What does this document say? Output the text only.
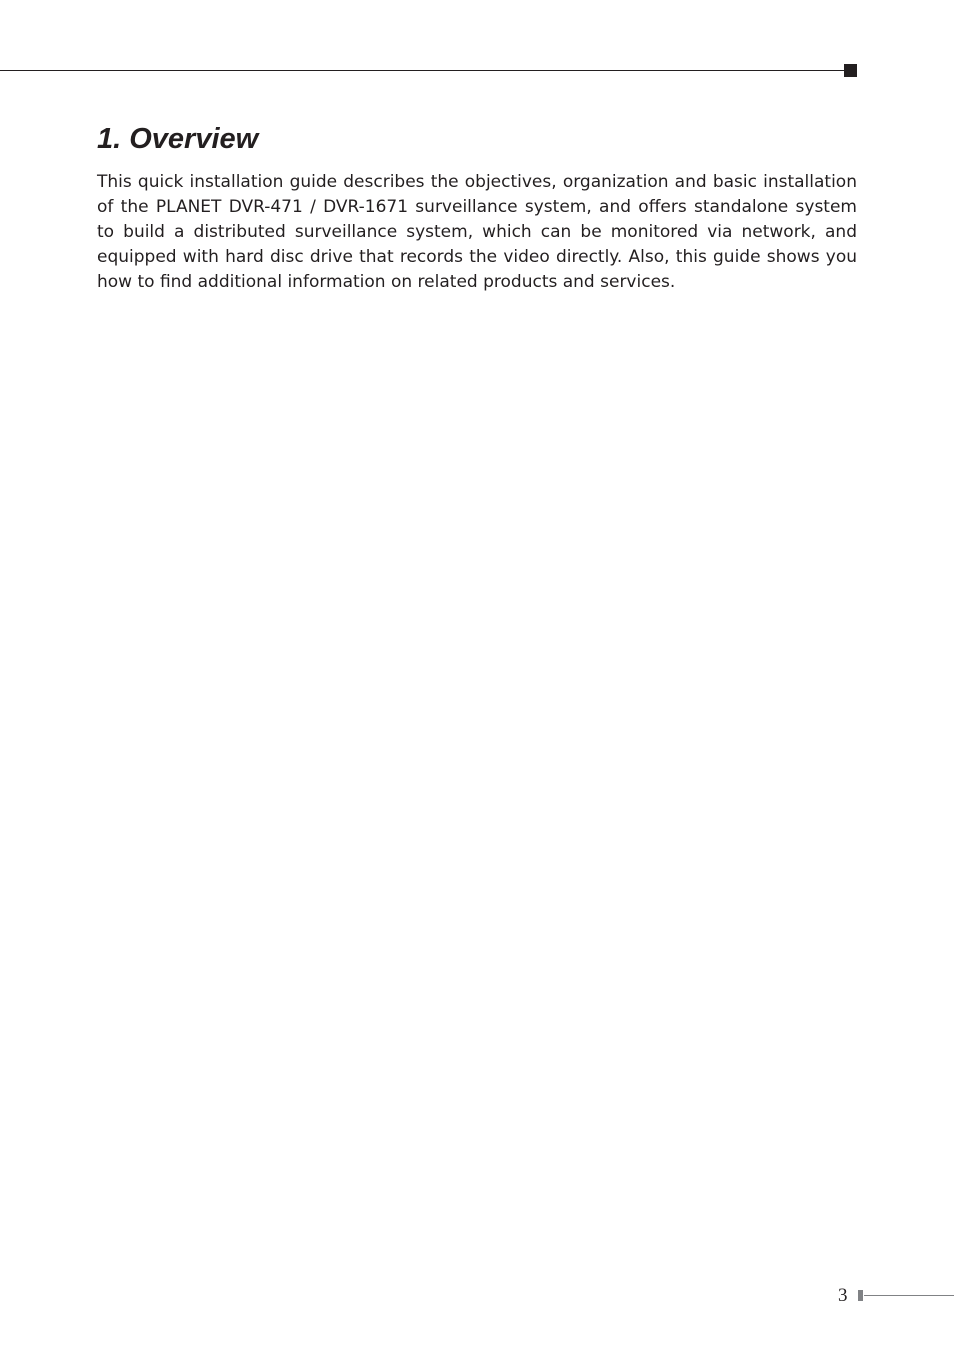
1. Overview

This quick installation guide describes the objectives, organization and basic installation of the PLANET DVR-471 / DVR-1671 surveillance system, and offers standalone system to build a distributed surveillance system, which can be monitored via network, and equipped with hard disc drive that records the video directly. Also, this guide shows you how to find additional information on related products and services.

3
